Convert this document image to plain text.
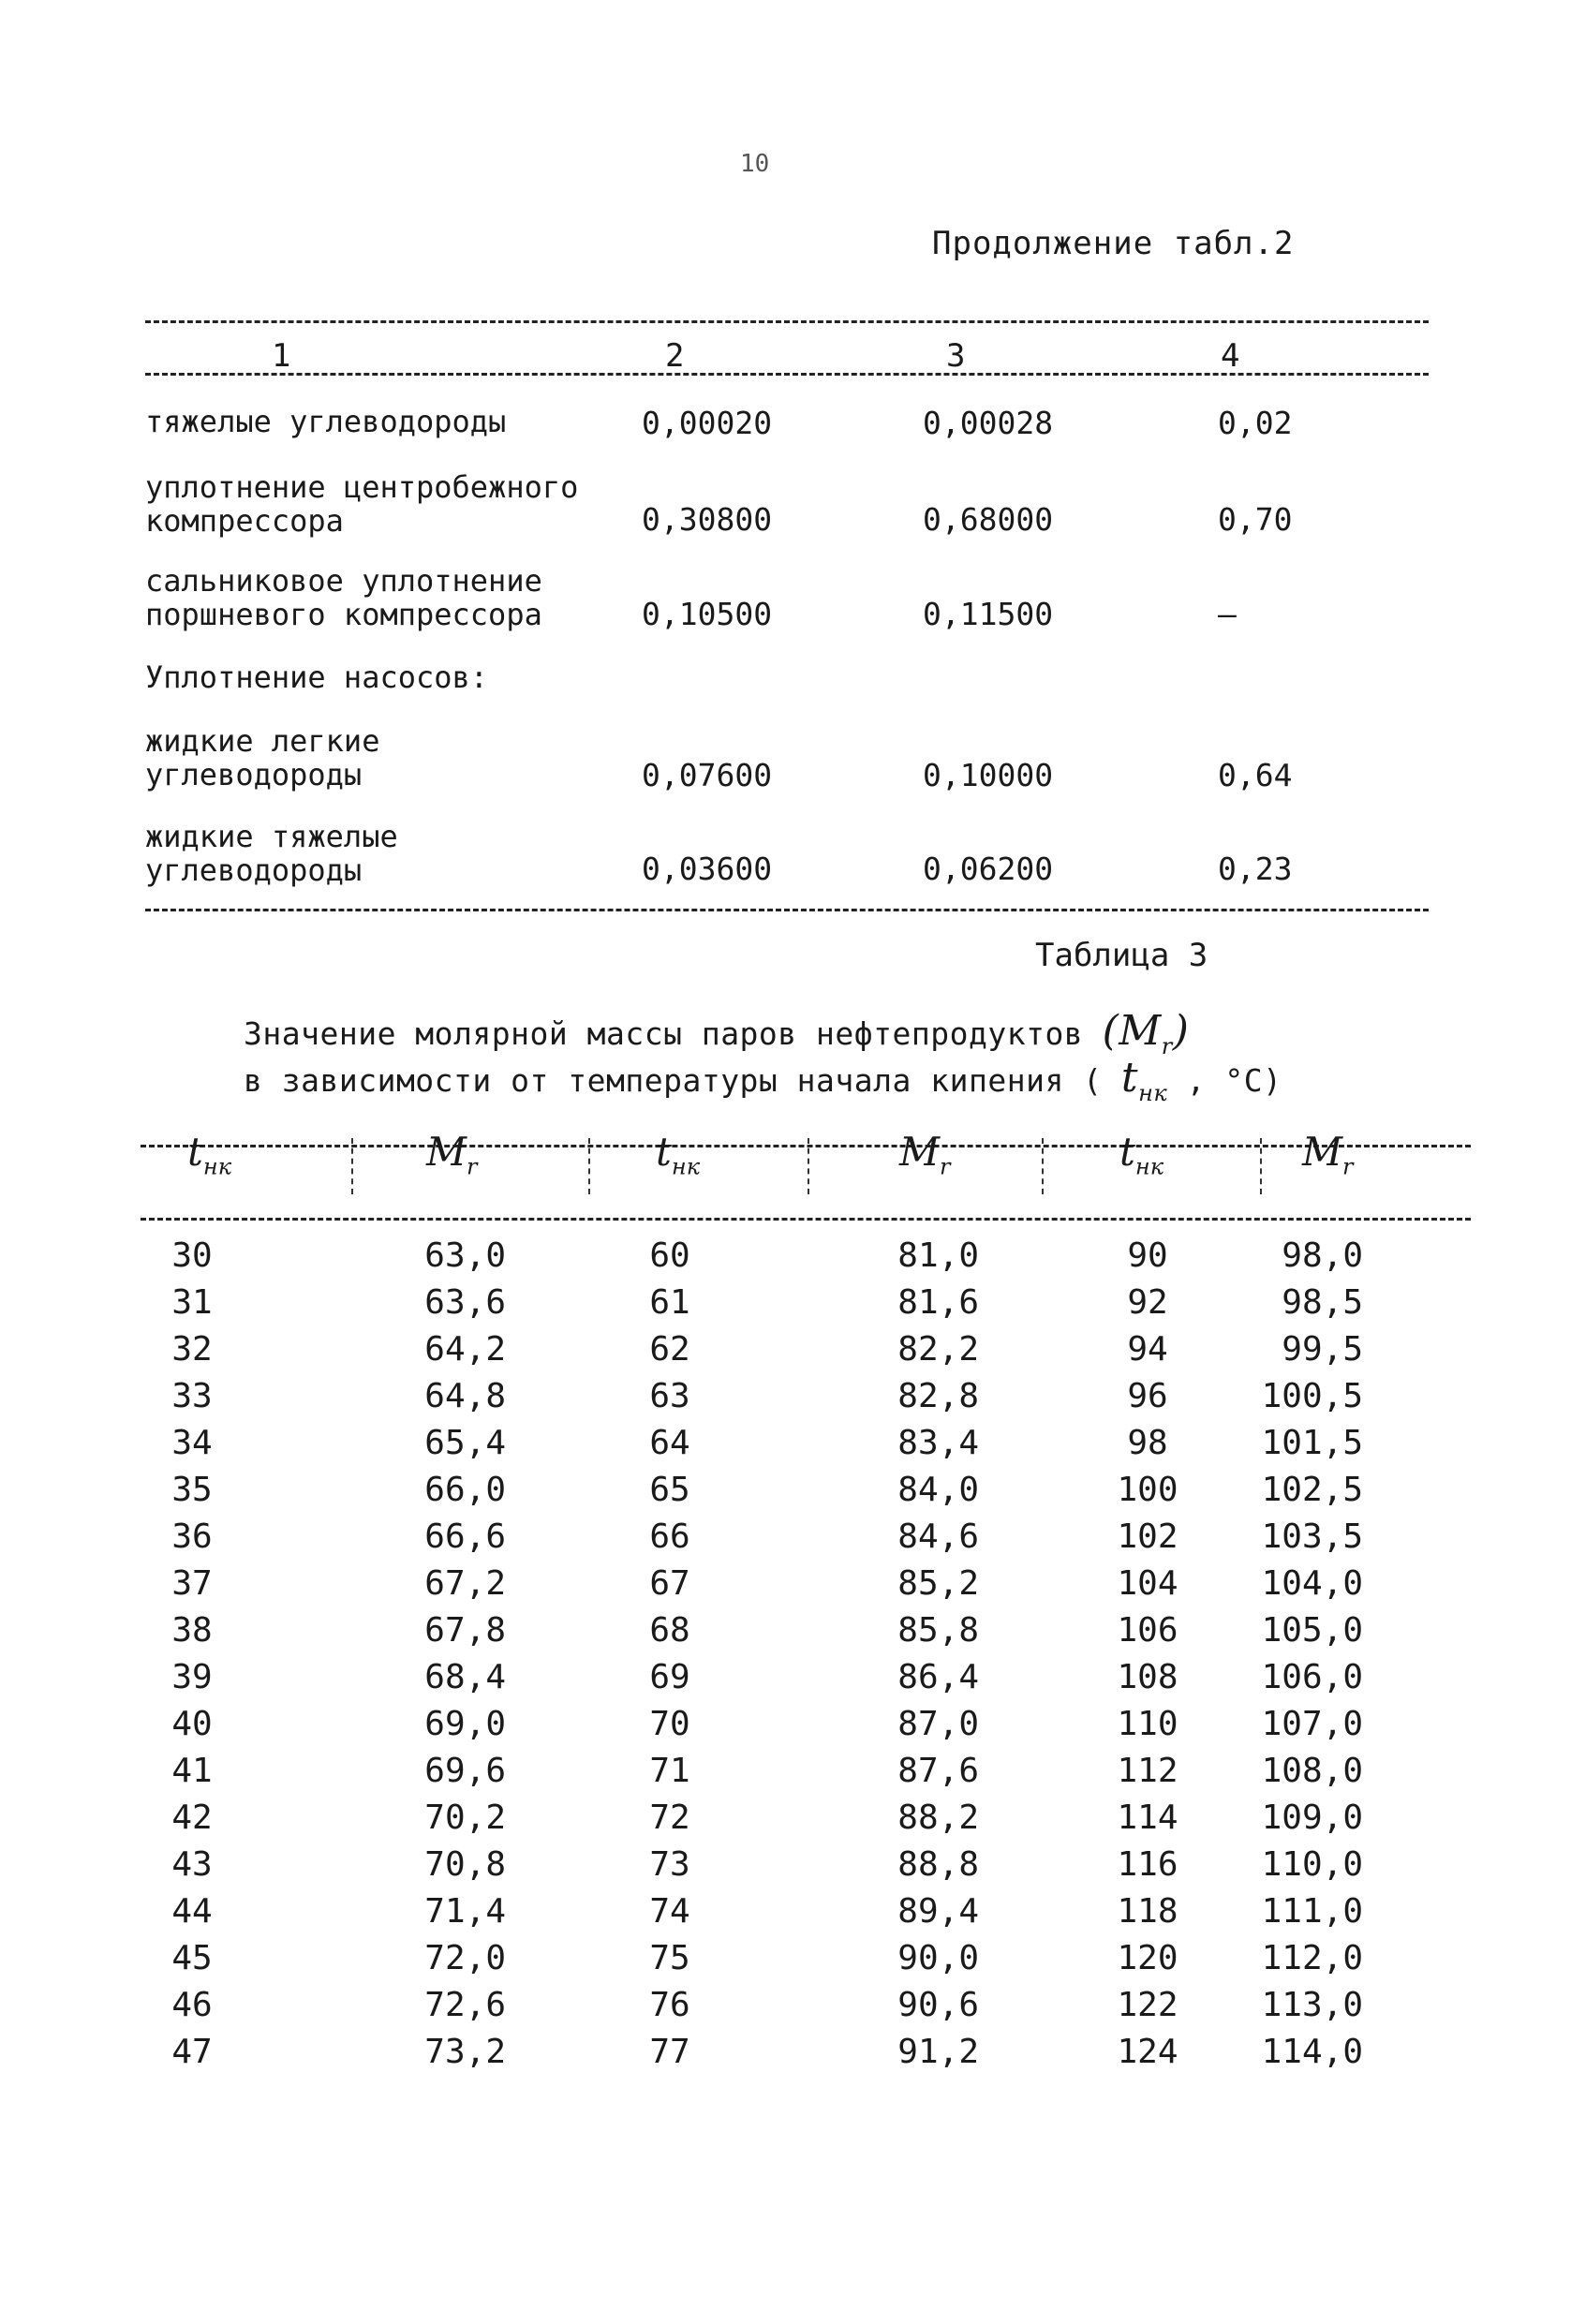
10
Продолжение табл.2
1	2	3	4
тяжелые углеводороды	0,00020	0,00028	0,02
уплотнение центробежного
компрессора	0,30800	0,68000	0,70
сальниковое уплотнение
поршневого компрессора	0,10500	0,11500	–
Уплотнение насосов:
жидкие легкие
углеводороды	0,07600	0,10000	0,64
жидкие тяжелые
углеводороды	0,03600	0,06200	0,23
Таблица 3
Значение молярной массы паров нефтепродуктов $(M_r)$
в зависимости от температуры начала кипения ( $t_{нк}$ , °C)
$t_{нк}$	$M_r$	$t_{нк}$	$M_r$	$t_{нк}$	$M_r$
30	63,0	60	81,0	90	98,0
31	63,6	61	81,6	92	98,5
32	64,2	62	82,2	94	99,5
33	64,8	63	82,8	96	100,5
34	65,4	64	83,4	98	101,5
35	66,0	65	84,0	100	102,5
36	66,6	66	84,6	102	103,5
37	67,2	67	85,2	104	104,0
38	67,8	68	85,8	106	105,0
39	68,4	69	86,4	108	106,0
40	69,0	70	87,0	110	107,0
41	69,6	71	87,6	112	108,0
42	70,2	72	88,2	114	109,0
43	70,8	73	88,8	116	110,0
44	71,4	74	89,4	118	111,0
45	72,0	75	90,0	120	112,0
46	72,6	76	90,6	122	113,0
47	73,2	77	91,2	124	114,0
